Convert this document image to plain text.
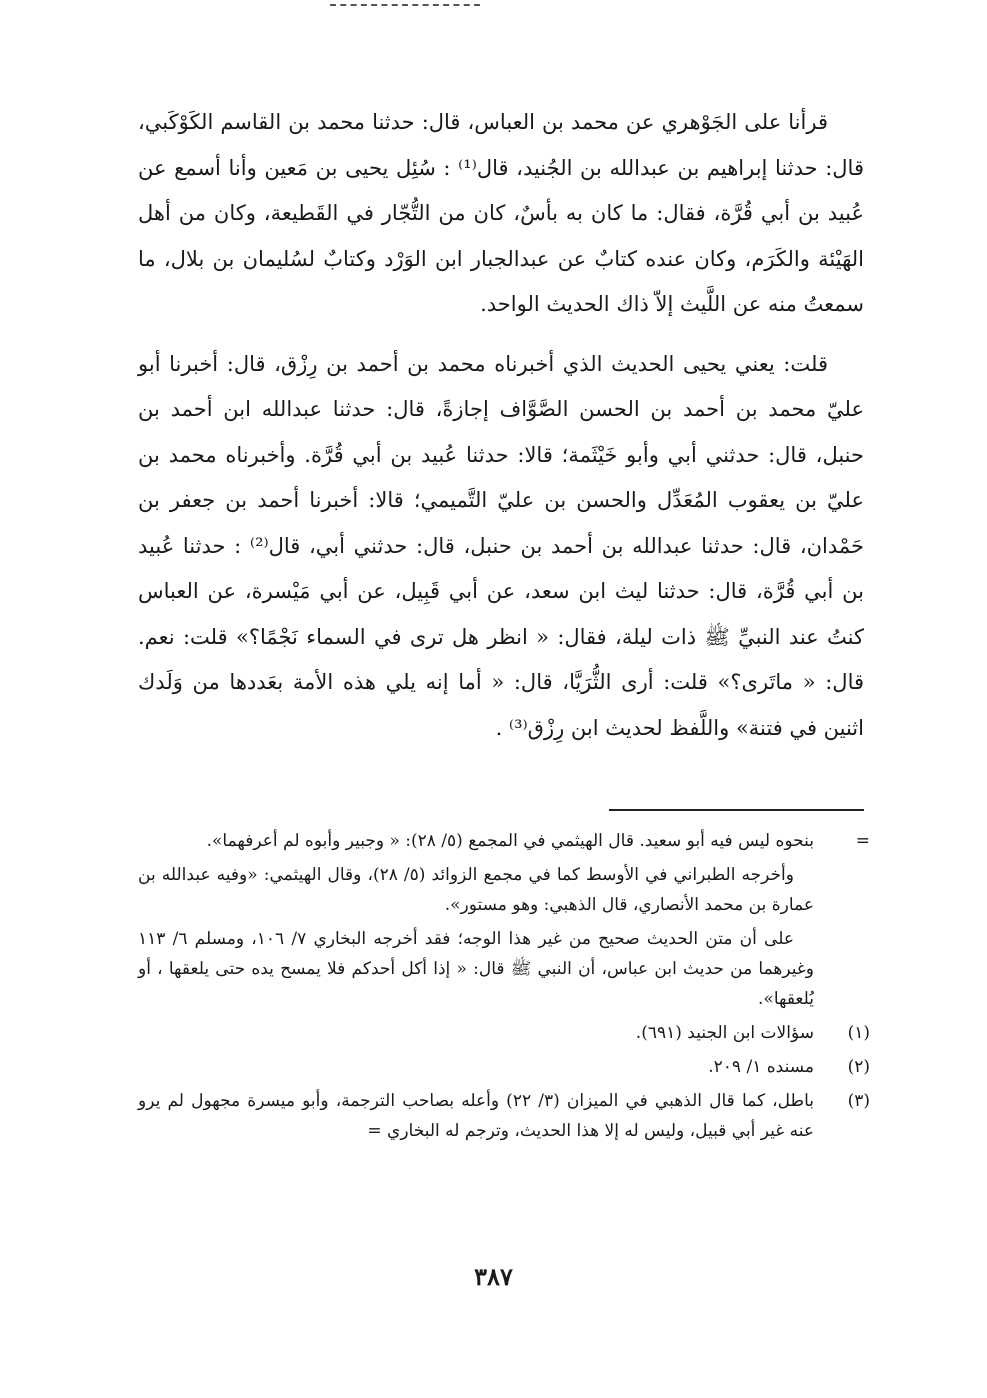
قرأنا على الجَوْهري عن محمد بن العباس، قال: حدثنا محمد بن القاسم الكَوْكَبي، قال: حدثنا إبراهيم بن عبدالله بن الجُنيد، قال⁽¹⁾ : سُئِل يحيى بن مَعين وأنا أسمع عن عُبيد بن أبي قُرَّة، فقال: ما كان به بأسٌ، كان من التُّجّار في القَطيعة، وكان من أهل الهَيْئة والكَرَم، وكان عنده كتابٌ عن عبدالجبار ابن الوَرْد وكتابٌ لسُليمان بن بلال، ما سمعتُ منه عن اللَّيث إلاّ ذاك الحديث الواحد.

قلت: يعني يحيى الحديث الذي أخبرناه محمد بن أحمد بن رِزْق، قال: أخبرنا أبو عليّ محمد بن أحمد بن الحسن الصَّوَّاف إجازةً، قال: حدثنا عبدالله ابن أحمد بن حنبل، قال: حدثني أبي وأبو خَيْثَمة؛ قالا: حدثنا عُبيد بن أبي قُرَّة. وأخبرناه محمد بن عليّ بن يعقوب المُعَدِّل والحسن بن عليّ التَّميمي؛ قالا: أخبرنا أحمد بن جعفر بن حَمْدان، قال: حدثنا عبدالله بن أحمد بن حنبل، قال: حدثني أبي، قال⁽²⁾ : حدثنا عُبيد بن أبي قُرَّة، قال: حدثنا ليث ابن سعد، عن أبي قَبِيل، عن أبي مَيْسرة، عن العباس كنتُ عند النبيِّ ﷺ ذات ليلة، فقال: « انظر هل ترى في السماء نَجْمًا؟» قلت: نعم. قال: « ماتَرى؟» قلت: أرى الثُّرَيَّا، قال: « أما إنه يلي هذه الأمة بعَددها من وَلَدك اثنين في فتنة» واللَّفظ لحديث ابن رِزْق⁽³⁾ .

=
بنحوه ليس فيه أبو سعيد. قال الهيثمي في المجمع (٥/ ٢٨): « وجبير وأبوه لم أعرفهما».
وأخرجه الطبراني في الأوسط كما في مجمع الزوائد (٥/ ٢٨)، وقال الهيثمي: «وفيه عبدالله بن عمارة بن محمد الأنصاري، قال الذهبي: وهو مستور».
على أن متن الحديث صحيح من غير هذا الوجه؛ فقد أخرجه البخاري ٧/ ١٠٦، ومسلم ٦/ ١١٣ وغيرهما من حديث ابن عباس، أن النبي ﷺ قال: « إذا أكل أحدكم فلا يمسح يده حتى يلعقها ، أو يُلعقها».
(١)
سؤالات ابن الجنيد (٦٩١).
(٢)
مسنده ١/ ٢٠٩.
(٣)
باطل، كما قال الذهبي في الميزان (٣/ ٢٢) وأعله بصاحب الترجمة، وأبو ميسرة مجهول لم يرو عنه غير أبي قبيل، وليس له إلا هذا الحديث، وترجم له البخاري =
٣٨٧
